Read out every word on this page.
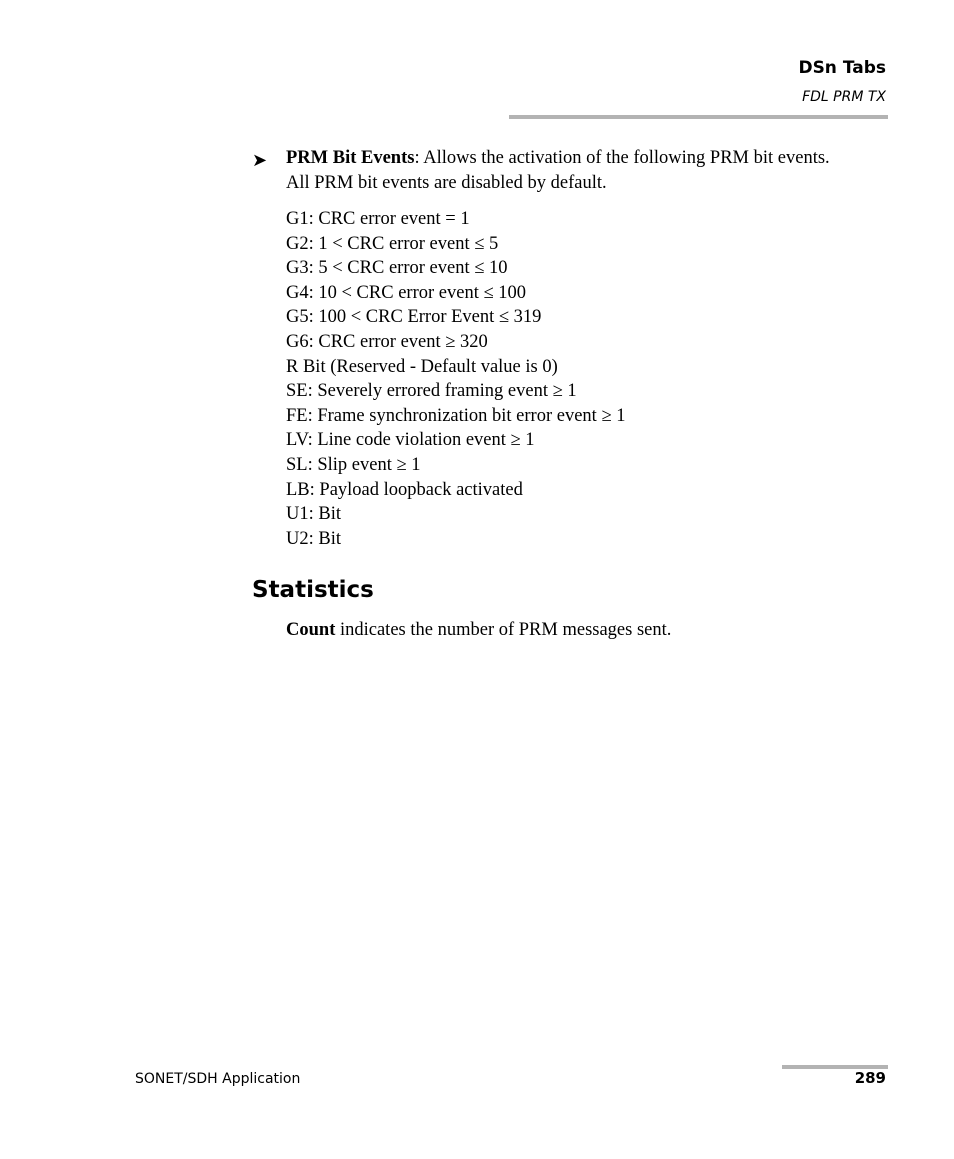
DSn Tabs
FDL PRM TX
➤ PRM Bit Events: Allows the activation of the following PRM bit events.
All PRM bit events are disabled by default.
G1: CRC error event = 1
G2: 1 < CRC error event ≤ 5
G3: 5 < CRC error event ≤ 10
G4: 10 < CRC error event ≤ 100
G5: 100 < CRC Error Event ≤ 319
G6: CRC error event ≥ 320
R Bit (Reserved - Default value is 0)
SE: Severely errored framing event ≥ 1
FE: Frame synchronization bit error event ≥ 1
LV: Line code violation event ≥ 1
SL: Slip event ≥ 1
LB: Payload loopback activated
U1: Bit
U2: Bit
Statistics
Count indicates the number of PRM messages sent.
SONET/SDH Application	289
